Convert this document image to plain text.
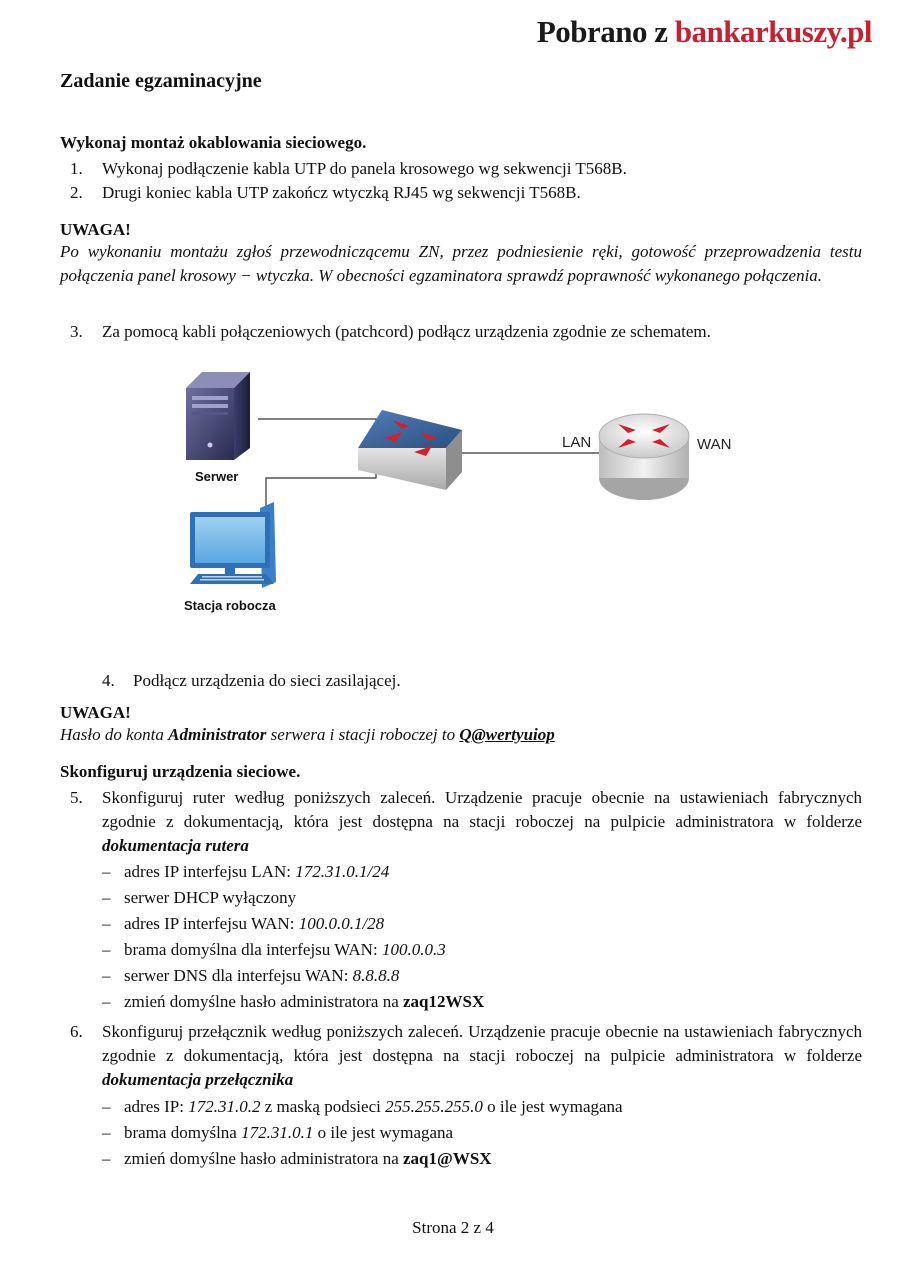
Pobrano z bankarkuszy.pl
Zadanie egzaminacyjne
Wykonaj montaż okablowania sieciowego.
1.	Wykonaj podłączenie kabla UTP do panela krosowego wg sekwencji T568B.
2.	Drugi koniec kabla UTP zakończ wtyczką RJ45 wg sekwencji T568B.
UWAGA!
Po wykonaniu montażu zgłoś przewodniczącemu ZN, przez podniesienie ręki, gotowość przeprowadzenia testu połączenia panel krosowy − wtyczka. W obecności egzaminatora sprawdź poprawność wykonanego połączenia.
3.	Za pomocą kabli połączeniowych (patchcord) podłącz urządzenia zgodnie ze schematem.
Serwer
Stacja robocza
LAN	WAN
4. Podłącz urządzenia do sieci zasilającej.
UWAGA!
Hasło do konta Administrator serwera i stacji roboczej to Q@wertyuiop
Skonfiguruj urządzenia sieciowe.
5.	Skonfiguruj ruter według poniższych zaleceń. Urządzenie pracuje obecnie na ustawieniach fabrycznych zgodnie z dokumentacją, która jest dostępna na stacji roboczej na pulpicie administratora w folderze dokumentacja rutera
– adres IP interfejsu LAN: 172.31.0.1/24
– serwer DHCP wyłączony
– adres IP interfejsu WAN: 100.0.0.1/28
– brama domyślna dla interfejsu WAN: 100.0.0.3
– serwer DNS dla interfejsu WAN: 8.8.8.8
– zmień domyślne hasło administratora na zaq12WSX
6.	Skonfiguruj przełącznik według poniższych zaleceń. Urządzenie pracuje obecnie na ustawieniach fabrycznych zgodnie z dokumentacją, która jest dostępna na stacji roboczej na pulpicie administratora w folderze dokumentacja przełącznika
– adres IP: 172.31.0.2 z maską podsieci 255.255.255.0 o ile jest wymagana
– brama domyślna 172.31.0.1 o ile jest wymagana
– zmień domyślne hasło administratora na zaq1@WSX
Strona 2 z 4
